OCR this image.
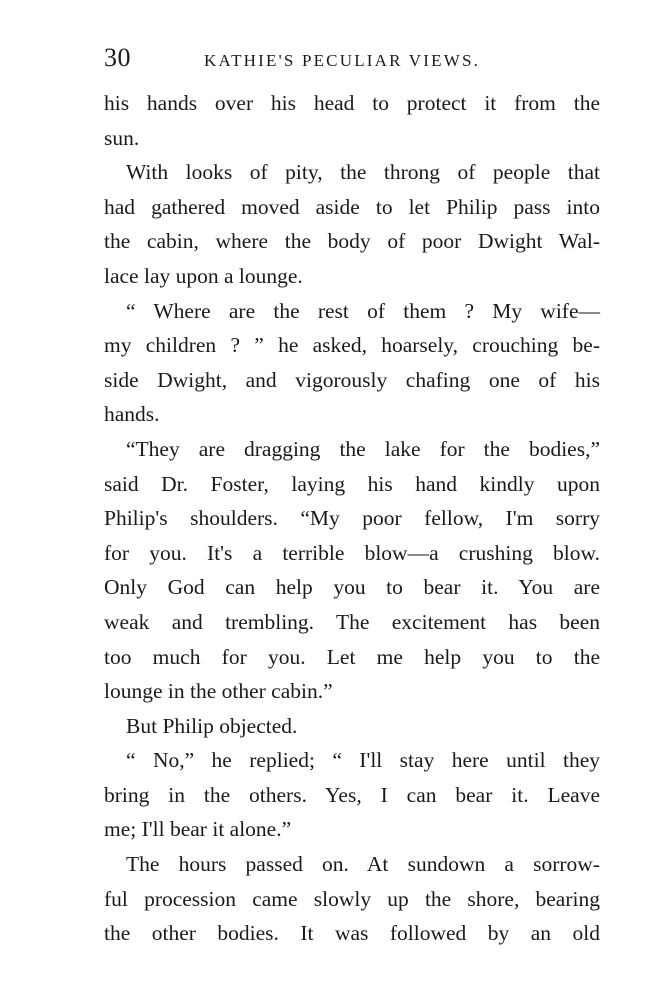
30	KATHIE'S PECULIAR VIEWS.
his hands over his head to protect it from the
sun.
With looks of pity, the throng of people that
had gathered moved aside to let Philip pass into
the cabin, where the body of poor Dwight Wal-
lace lay upon a lounge.
“ Where are the rest of them ? My wife—
my children ? ” he asked, hoarsely, crouching be-
side Dwight, and vigorously chafing one of his
hands.
“They are dragging the lake for the bodies,”
said Dr. Foster, laying his hand kindly upon
Philip's shoulders. “My poor fellow, I'm sorry
for you. It's a terrible blow—a crushing blow.
Only God can help you to bear it. You are
weak and trembling. The excitement has been
too much for you. Let me help you to the
lounge in the other cabin.”
But Philip objected.
“ No,” he replied; “ I'll stay here until they
bring in the others. Yes, I can bear it. Leave
me; I'll bear it alone.”
The hours passed on. At sundown a sorrow-
ful procession came slowly up the shore, bearing
the other bodies. It was followed by an old
